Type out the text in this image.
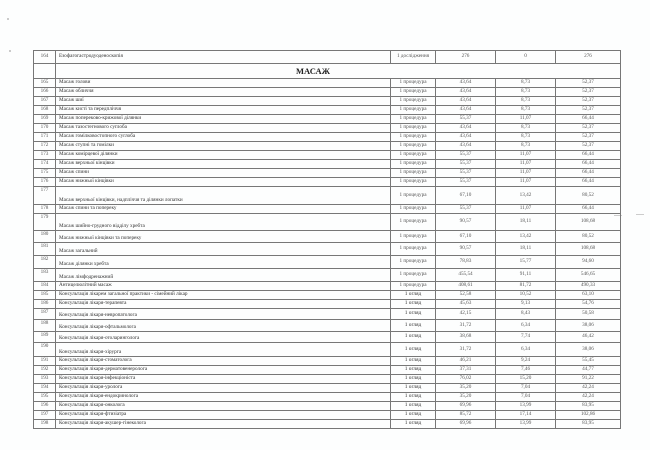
164	Езофагогастродуоденоскопія	1 дослідження	276	0	276
	МАСАЖ				
165	Масаж голови	1 процедура	43,64	8,73	52,37
166	Масаж обличчя	1 процедура	43,64	8,73	52,37
167	Масаж шиї	1 процедура	43,64	8,73	52,37
168	Масаж кисті та передпліччя	1 процедура	43,64	8,73	52,37
169	Масаж попереково-крижової ділянки	1 процедура	55,37	11,07	66,44
170	Масаж тазостегнового суглоба	1 процедура	43,64	8,73	52,37
171	Масаж гомілковостопного суглоба	1 процедура	43,64	8,73	52,37
172	Масаж ступні та гомілки	1 процедура	43,64	8,73	52,37
173	Масаж комірцевої ділянки	1 процедура	55,37	11,07	66,44
174	Масаж верхньої кінцівки	1 процедура	55,37	11,07	66,44
175	Масаж спини	1 процедура	55,37	11,07	66,44
176	Масаж нижньої кінцівки	1 процедура	55,37	11,07	66,44
177	Масаж верхньої кінцівки, надпліччя та ділянки лопатки	1 процедура	67,10	13,42	80,52
178	Масаж спини та попереку	1 процедура	55,37	11,07	66,44
179	Масаж шийно-грудного відділу хребта	1 процедура	90,57	18,11	108,68
180	Масаж нижньої кінцівки та попереку	1 процедура	67,10	13,42	80,52
181	Масаж загальний	1 процедура	90,57	18,11	108,68
182	Масаж ділянки хребта	1 процедура	78,83	15,77	94,60
183	Масаж лімфодренажний	1 процедура	455,54	91,11	546,65
184	Антицелюлітний масаж	1 процедура	408,61	81,72	490,33
185	Консультація лікарем загальної практики - сімейний лікар	1 огляд	52,58	10,52	63,10
186	Консультація лікаря-терапевта	1 огляд	45,63	9,13	54,76
187	Консультація лікаря-невропатолога	1 огляд	42,15	8,43	50,58
188	Консультація лікаря-офтальмолога	1 огляд	31,72	6,34	38,06
189	Консультація лікаря-отоларинголога	1 огляд	38,68	7,74	46,42
190	Консультація лікаря-хірурга	1 огляд	31,72	6,34	38,06
191	Консультація лікаря-стоматолога	1 огляд	46,21	9,24	55,45
192	Консультація лікаря-дерматовенеролога	1 огляд	37,31	7,46	44,77
193	Консультація лікаря-інфекціоніста	1 огляд	76,02	15,20	91,22
194	Консультація лікаря-уролога	1 огляд	35,20	7,04	42,24
195	Консультація лікаря-ендокринолога	1 огляд	35,20	7,04	42,24
196	Консультація лікаря-онколога	1 огляд	69,96	13,99	83,95
197	Консультація лікаря-фтизіатра	1 огляд	85,72	17,14	102,86
198	Консультація лікаря-акушер-гінеколога	1 огляд	69,96	13,99	83,95
